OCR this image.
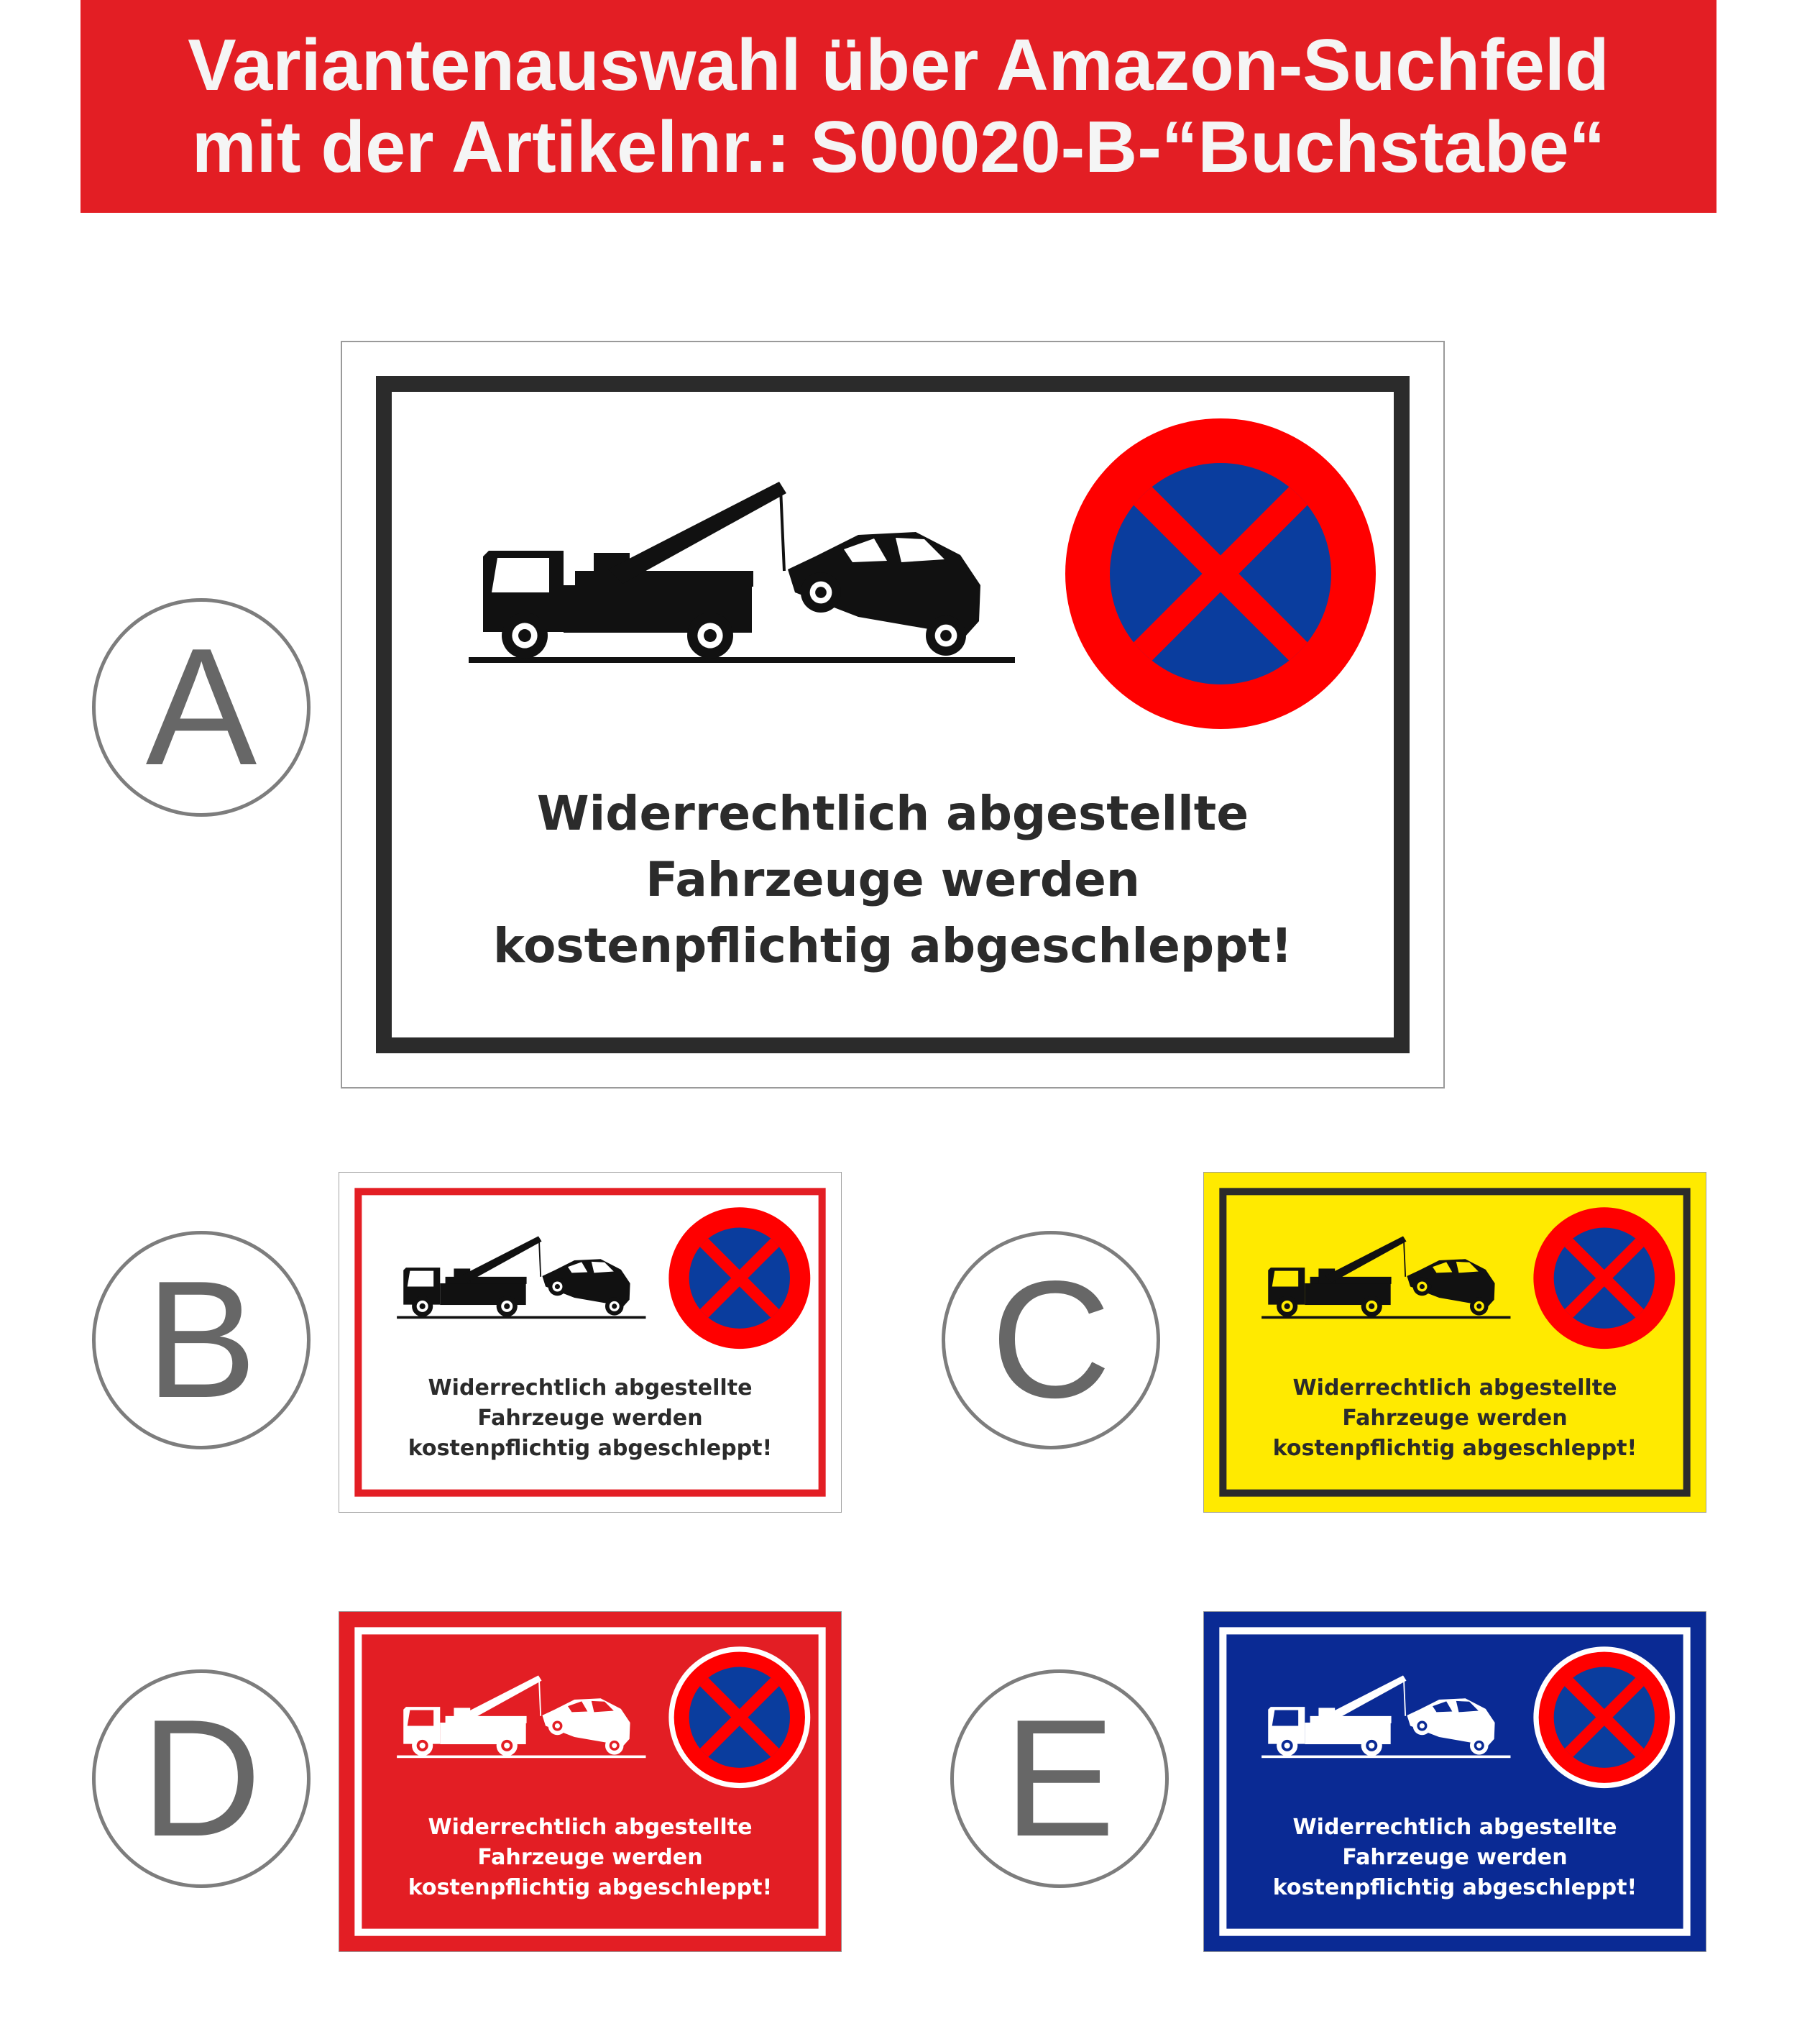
Variantenauswahl über Amazon-Suchfeld
mit der Artikelnr.: S00020-B-“Buchstabe“
A
B	C
D	E
Widerrechtlich abgestellte
Fahrzeuge werden
kostenpflichtig abgeschleppt!
Widerrechtlich abgestellte
Fahrzeuge werden
kostenpflichtig abgeschleppt!
Widerrechtlich abgestellte
Fahrzeuge werden
kostenpflichtig abgeschleppt!
Widerrechtlich abgestellte
Fahrzeuge werden
kostenpflichtig abgeschleppt!
Widerrechtlich abgestellte
Fahrzeuge werden
kostenpflichtig abgeschleppt!
